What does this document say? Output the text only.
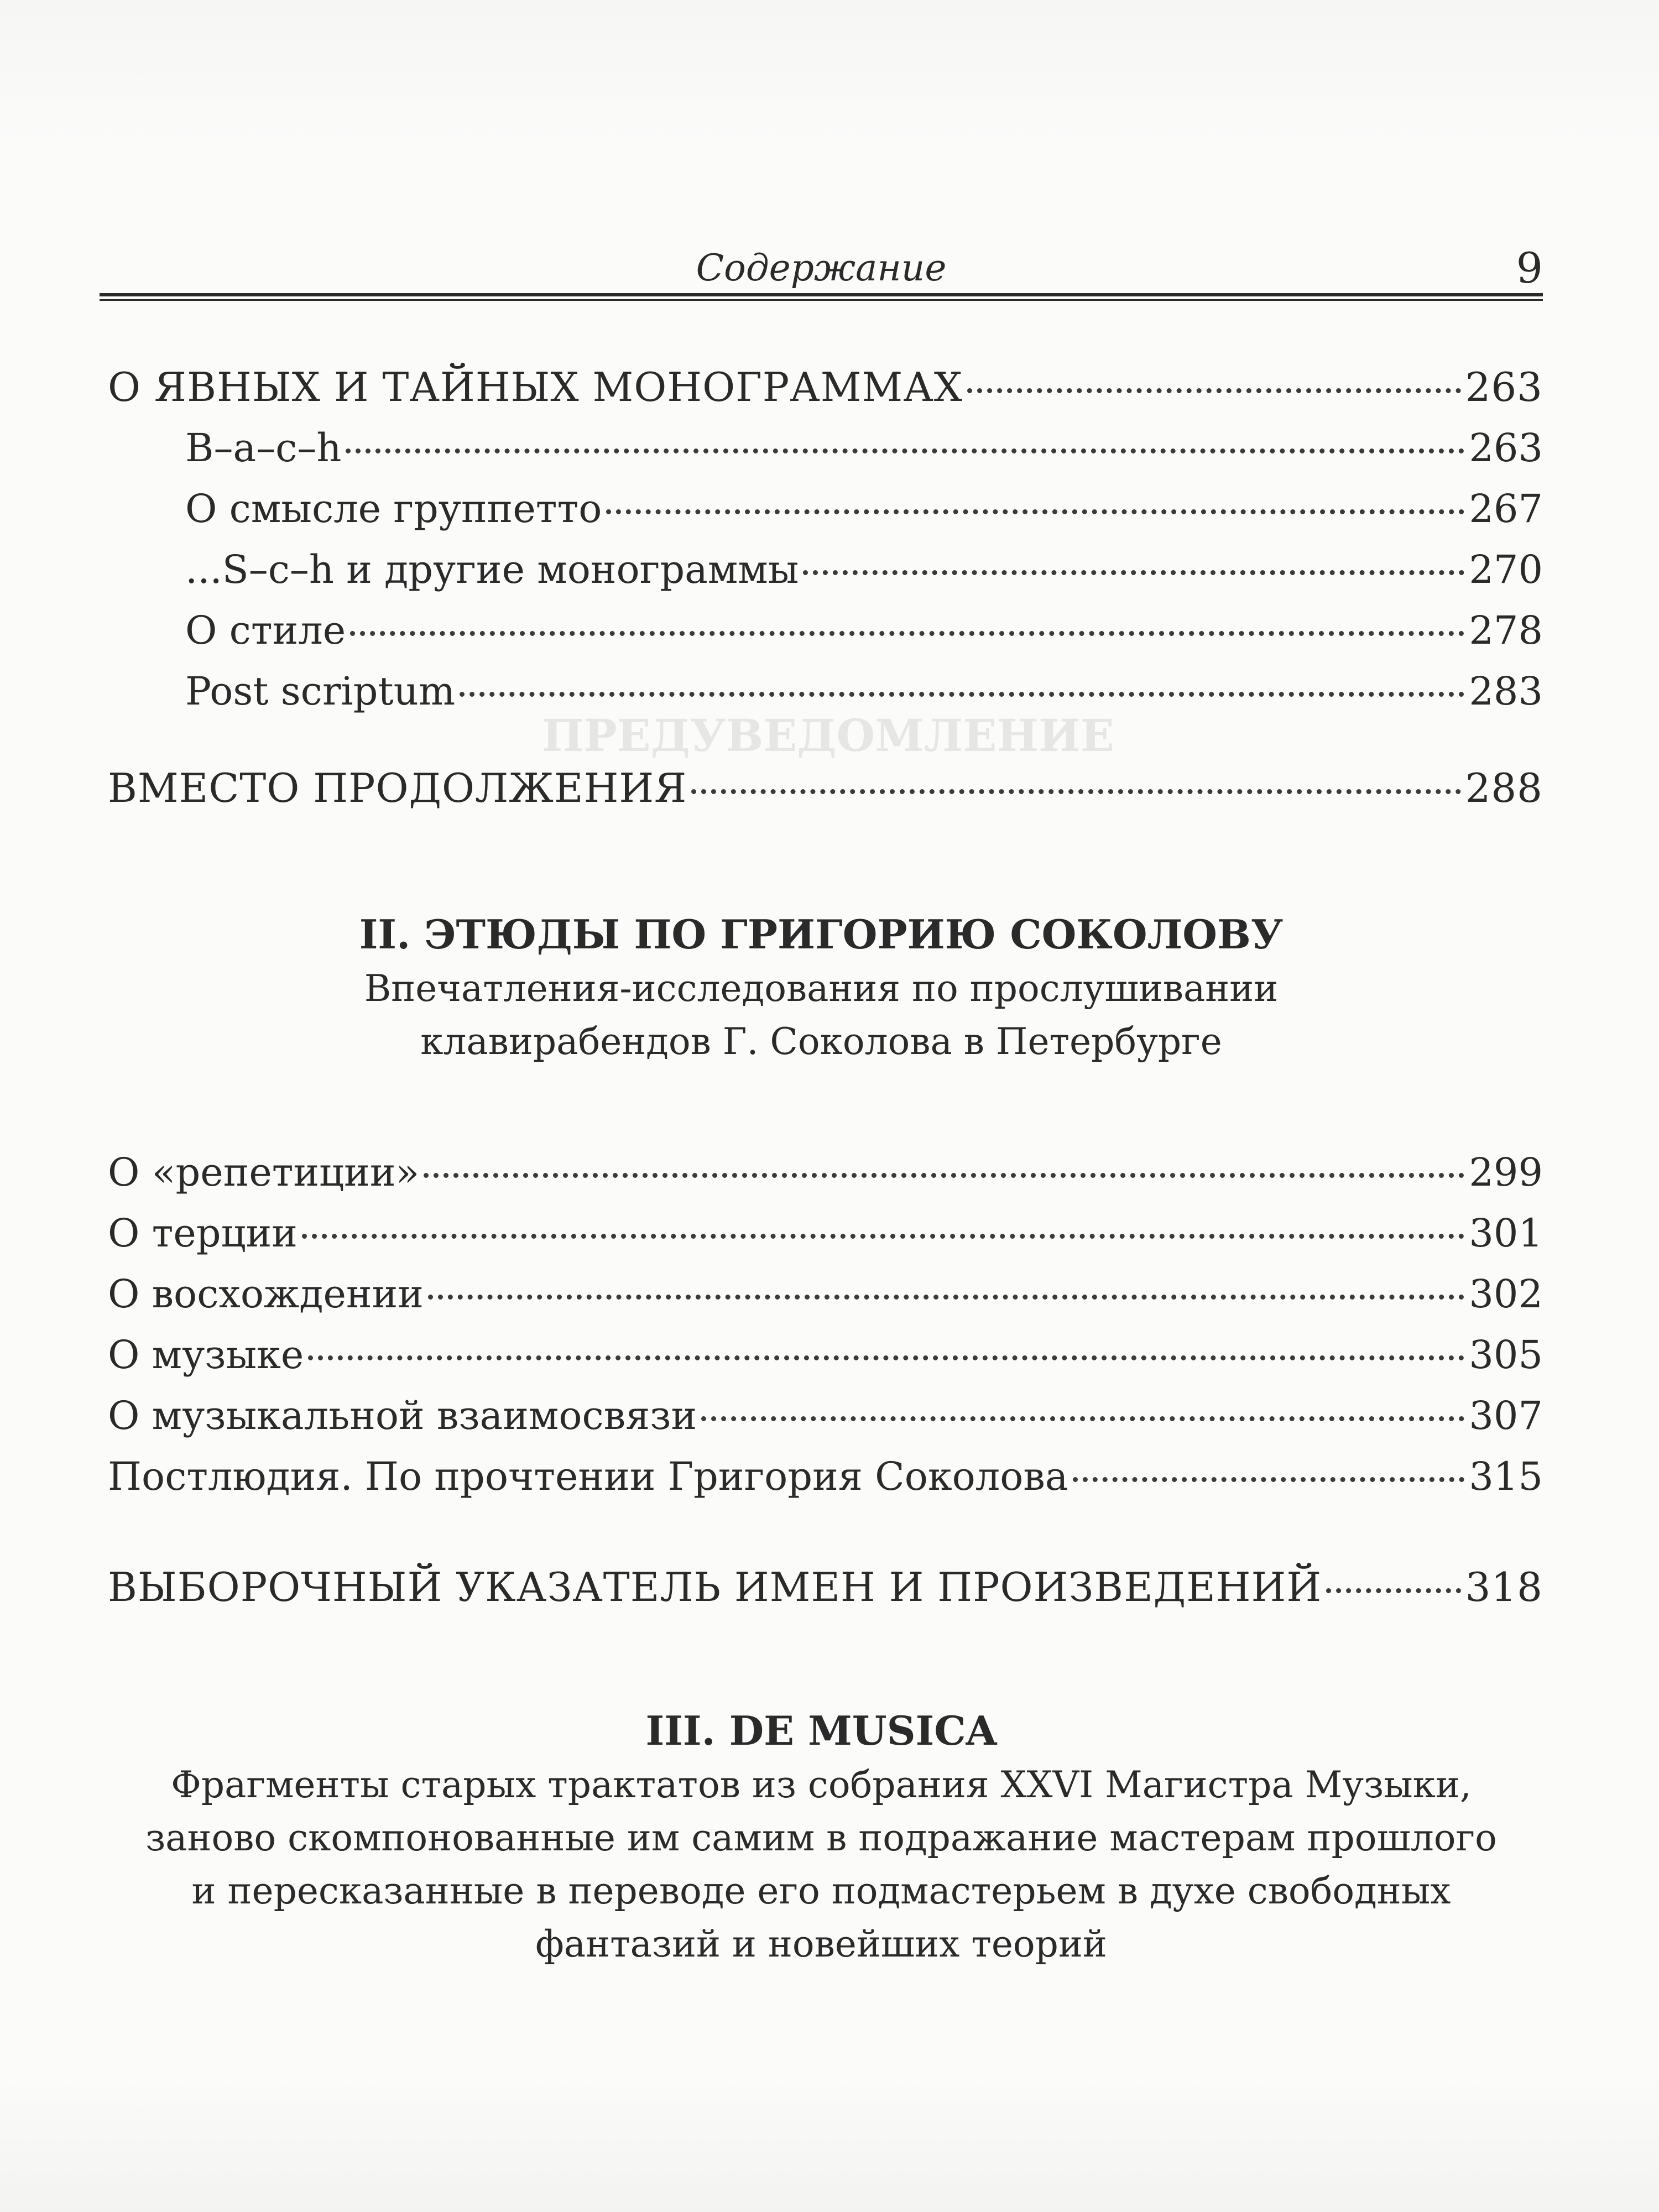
ПРЕДУВЕДОМЛЕНИЕ
Содержание	9
О ЯВНЫХ И ТАЙНЫХ МОНОГРАММАХ	263
B–a–c–h	263
О смысле группетто	267
...S–c–h и другие монограммы	270
О стиле	278
Post scriptum	283
ВМЕСТО ПРОДОЛЖЕНИЯ	288
II. ЭТЮДЫ ПО ГРИГОРИЮ СОКОЛОВУ
Впечатления-исследования по прослушивании
клавирабендов Г. Соколова в Петербурге
О «репетиции»	299
О терции	301
О восхождении	302
О музыке	305
О музыкальной взаимосвязи	307
Постлюдия. По прочтении Григория Соколова	315
ВЫБОРОЧНЫЙ УКАЗАТЕЛЬ ИМЕН И ПРОИЗВЕДЕНИЙ	318
III. DE MUSICA
Фрагменты старых трактатов из собрания XXVI Магистра Музыки,
заново скомпонованные им самим в подражание мастерам прошлого
и пересказанные в переводе его подмастерьем в духе свободных
фантазий и новейших теорий
